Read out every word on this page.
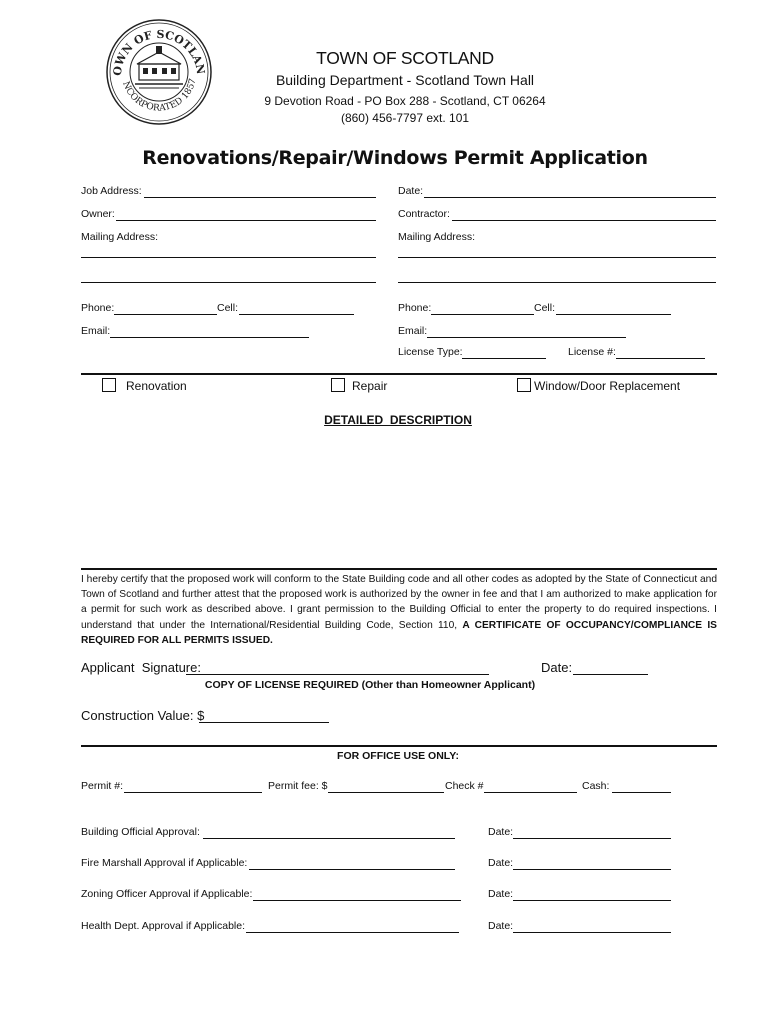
OWN OF SCOTLAN
NCORPORATED 1857
TOWN OF SCOTLAND
Building Department - Scotland Town Hall
9 Devotion Road - PO Box 288 - Scotland, CT 06264
(860) 456-7797 ext. 101
Renovations/Repair/Windows Permit Application
Job Address:	Date:
Owner:	Contractor:
Mailing Address:	Mailing Address:
Phone:	Cell:	Phone:	Cell:
Email:	Email:
License Type:	License #:
Renovation	Repair	Window/Door Replacement
DETAILED  DESCRIPTION
I hereby certify that the proposed work will conform to the State Building code and all other codes as adopted by the State of Connecticut and Town of Scotland and further attest that the proposed work is authorized by the owner in fee and that I am authorized to make application for a permit for such work as described above. I grant permission to the Building Official to enter the property to do required inspections. I understand that under the International/Residential Building Code, Section 110, A CERTIFICATE OF OCCUPANCY/COMPLIANCE IS REQUIRED FOR ALL PERMITS ISSUED.
Applicant  Signature:	Date:
COPY OF LICENSE REQUIRED (Other than Homeowner Applicant)
Construction Value: $
FOR OFFICE USE ONLY:
Permit #:	Permit fee: $	Check #	Cash:
Building Official Approval:	Date:
Fire Marshall Approval if Applicable:	Date:
Zoning Officer Approval if Applicable:	Date:
Health Dept. Approval if Applicable:	Date:
